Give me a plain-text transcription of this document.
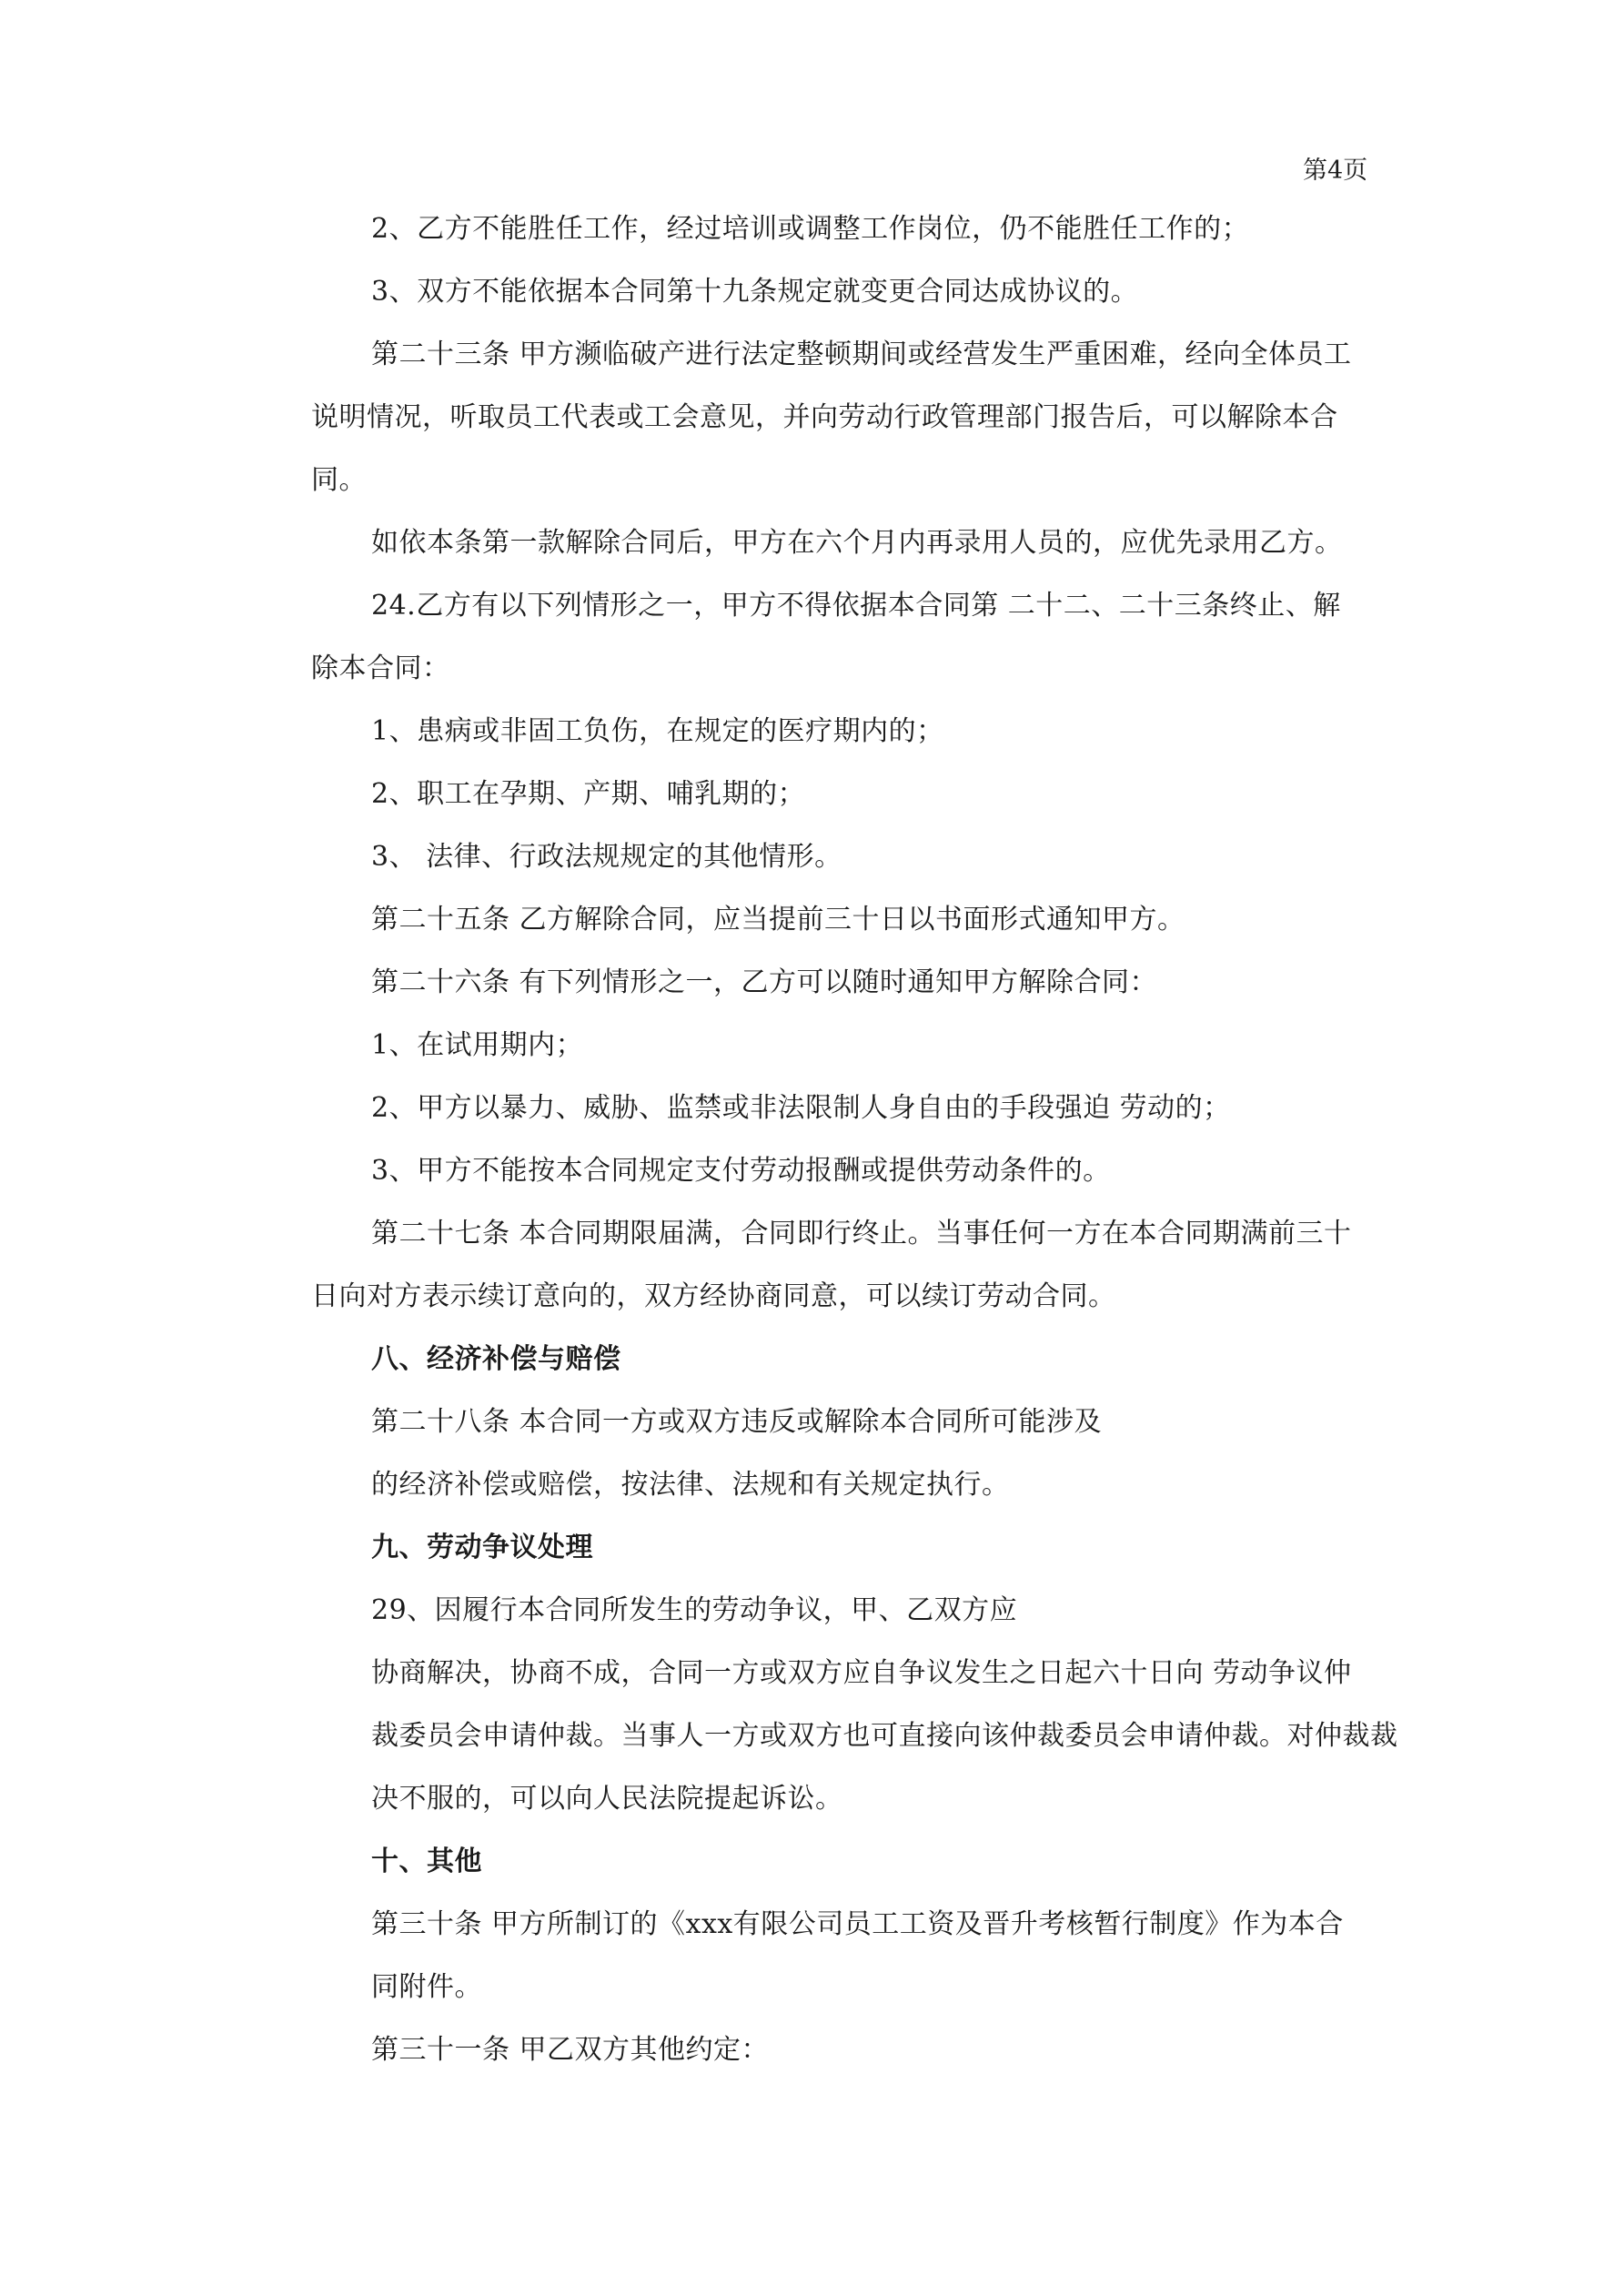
第4页
2、乙方不能胜任工作，经过培训或调整工作岗位，仍不能胜任工作的；
3、双方不能依据本合同第十九条规定就变更合同达成协议的。
第二十三条 甲方濒临破产进行法定整顿期间或经营发生严重困难，经向全体员工
说明情况，听取员工代表或工会意见，并向劳动行政管理部门报告后，可以解除本合
同。
如依本条第一款解除合同后，甲方在六个月内再录用人员的，应优先录用乙方。
24.乙方有以下列情形之一，甲方不得依据本合同第 二十二、二十三条终止、解
除本合同：
1、患病或非固工负伤，在规定的医疗期内的；
2、职工在孕期、产期、哺乳期的；
3、 法律、行政法规规定的其他情形。
第二十五条 乙方解除合同，应当提前三十日以书面形式通知甲方。
第二十六条 有下列情形之一，乙方可以随时通知甲方解除合同：
1、在试用期内；
2、甲方以暴力、威胁、监禁或非法限制人身自由的手段强迫 劳动的；
3、甲方不能按本合同规定支付劳动报酬或提供劳动条件的。
第二十七条 本合同期限届满，合同即行终止。当事任何一方在本合同期满前三十
日向对方表示续订意向的，双方经协商同意，可以续订劳动合同。
八、经济补偿与赔偿
第二十八条 本合同一方或双方违反或解除本合同所可能涉及
的经济补偿或赔偿，按法律、法规和有关规定执行。
九、劳动争议处理
29、因履行本合同所发生的劳动争议，甲、乙双方应
协商解决，协商不成，合同一方或双方应自争议发生之日起六十日向 劳动争议仲
裁委员会申请仲裁。当事人一方或双方也可直接向该仲裁委员会申请仲裁。对仲裁裁
决不服的，可以向人民法院提起诉讼。
十、其他
第三十条 甲方所制订的《xxx有限公司员工工资及晋升考核暂行制度》作为本合
同附件。
第三十一条 甲乙双方其他约定：
